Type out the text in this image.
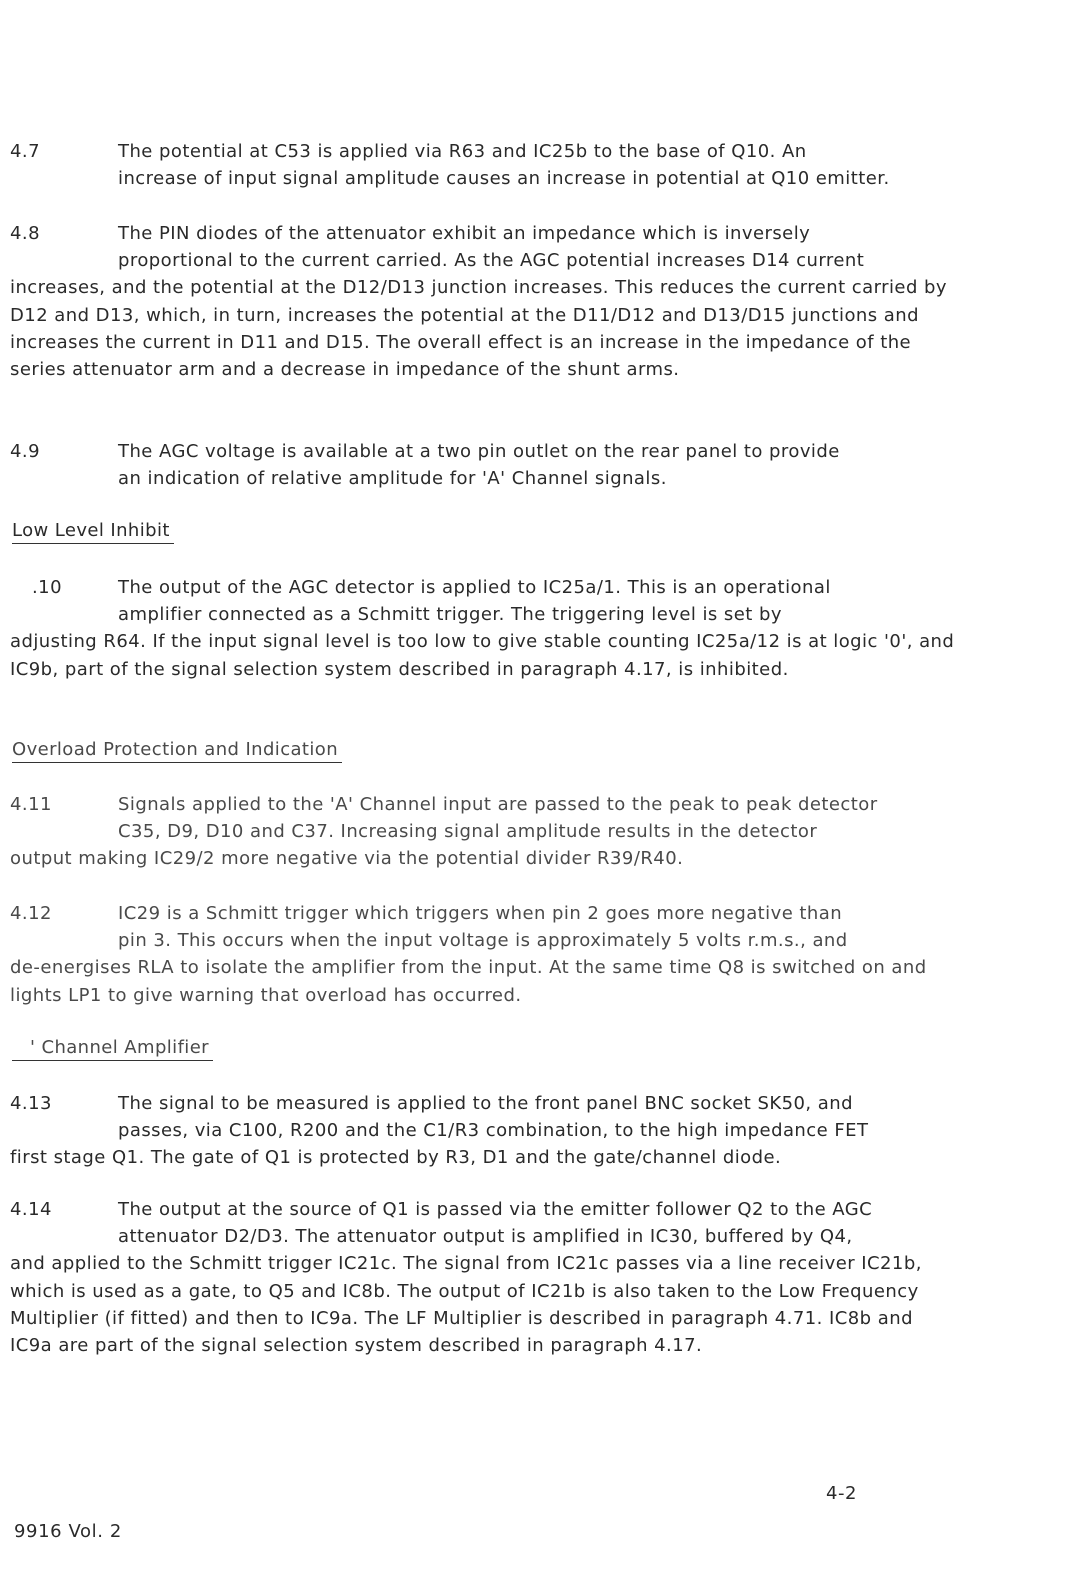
4.7	The potential at C53 is applied via R63 and IC25b to the base of Q10. An
increase of input signal amplitude causes an increase in potential at Q10 emitter.
4.8	The PIN diodes of the attenuator exhibit an impedance which is inversely
proportional to the current carried. As the AGC potential increases D14 current
increases, and the potential at the D12/D13 junction increases. This reduces the current carried by D12 and D13, which, in turn, increases the potential at the D11/D12 and D13/D15 junctions and increases the current in D11 and D15. The overall effect is an increase in the impedance of the series attenuator arm and a decrease in impedance of the shunt arms.
4.9	The AGC voltage is available at a two pin outlet on the rear panel to provide
an indication of relative amplitude for 'A' Channel signals.
Low Level Inhibit
.10	The output of the AGC detector is applied to IC25a/1. This is an operational
amplifier connected as a Schmitt trigger. The triggering level is set by
adjusting R64. If the input signal level is too low to give stable counting IC25a/12 is at logic '0', and IC9b, part of the signal selection system described in paragraph 4.17, is inhibited.
Overload Protection and Indication
4.11	Signals applied to the 'A' Channel input are passed to the peak to peak detector
C35, D9, D10 and C37. Increasing signal amplitude results in the detector
output making IC29/2 more negative via the potential divider R39/R40.
4.12	IC29 is a Schmitt trigger which triggers when pin 2 goes more negative than
pin 3. This occurs when the input voltage is approximately 5 volts r.m.s., and
de-energises RLA to isolate the amplifier from the input. At the same time Q8 is switched on and lights LP1 to give warning that overload has occurred.
' Channel Amplifier
4.13	The signal to be measured is applied to the front panel BNC socket SK50, and
passes, via C100, R200 and the C1/R3 combination, to the high impedance FET
first stage Q1. The gate of Q1 is protected by R3, D1 and the gate/channel diode.
4.14	The output at the source of Q1 is passed via the emitter follower Q2 to the AGC
attenuator D2/D3. The attenuator output is amplified in IC30, buffered by Q4,
and applied to the Schmitt trigger IC21c. The signal from IC21c passes via a line receiver IC21b, which is used as a gate, to Q5 and IC8b. The output of IC21b is also taken to the Low Frequency Multiplier (if fitted) and then to IC9a. The LF Multiplier is described in paragraph 4.71. IC8b and IC9a are part of the signal selection system described in paragraph 4.17.
4-2
9916 Vol. 2
